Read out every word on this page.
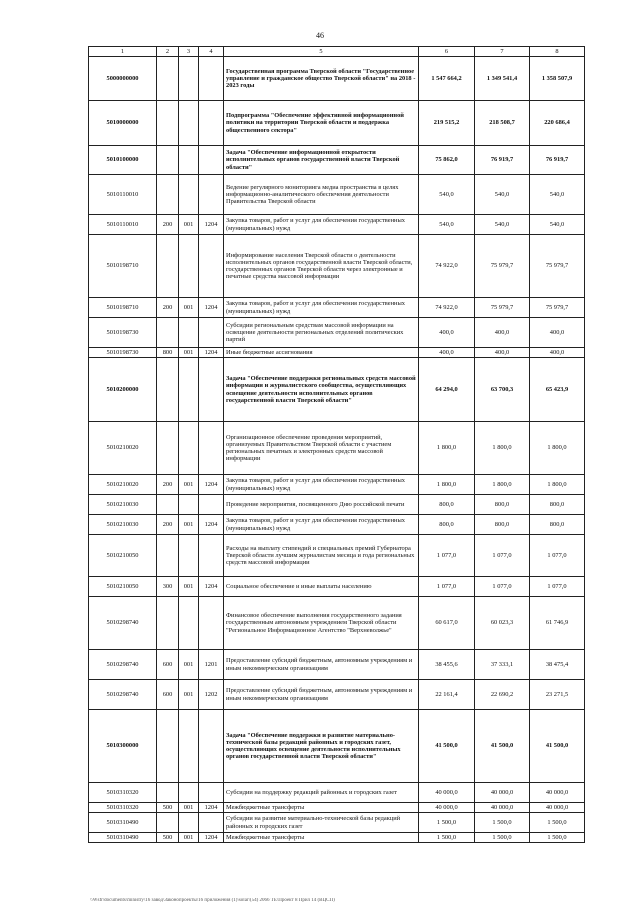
46
1	2	3	4	5	6	7	8
5000000000				Государственная программа Тверской области "Государственное управление и гражданское общество Тверской области" на 2018 - 2023 годы	1 547 664,2	1 349 541,4	1 358 507,9
5010000000				Подпрограмма "Обеспечение эффективной информационной политики на территории Тверской области и поддержка общественного сектора"	219 515,2	218 508,7	220 686,4
5010100000				Задача "Обеспечение информационной открытости исполнительных органов государственной власти Тверской области"	75 862,0	76 919,7	76 919,7
5010110010				Ведение регулярного мониторинга медиа пространства в целях информационно-аналитического обеспечения деятельности Правительства Тверской области	540,0	540,0	540,0
5010110010	200	001	1204	Закупка товаров, работ и услуг для обеспечения государственных (муниципальных) нужд	540,0	540,0	540,0
5010198710				Информирование населения Тверской области о деятельности исполнительных органов государственной власти Тверской области, государственных органов Тверской области через электронные и печатные средства массовой информации	74 922,0	75 979,7	75 979,7
5010198710	200	001	1204	Закупка товаров, работ и услуг для обеспечения государственных (муниципальных) нужд	74 922,0	75 979,7	75 979,7
5010198730				Субсидии региональным средствам массовой информации на освещение деятельности региональных отделений политических партий	400,0	400,0	400,0
5010198730	800	001	1204	Иные бюджетные ассигнования	400,0	400,0	400,0
5010200000				Задача "Обеспечение поддержки региональных средств массовой информации и журналистского сообщества, осуществляющих освещение деятельности исполнительных органов государственной власти Тверской области"	64 294,0	63 700,3	65 423,9
5010210020				Организационное обеспечение проведения мероприятий, организуемых Правительством Тверской области с участием региональных печатных и электронных средств массовой информации	1 800,0	1 800,0	1 800,0
5010210020	200	001	1204	Закупка товаров, работ и услуг для обеспечения государственных (муниципальных) нужд	1 800,0	1 800,0	1 800,0
5010210030				Проведение мероприятия, посвященного Дню российской печати	800,0	800,0	800,0
5010210030	200	001	1204	Закупка товаров, работ и услуг для обеспечения государственных (муниципальных) нужд	800,0	800,0	800,0
5010210050				Расходы на выплату стипендий и специальных премий Губернатора Тверской области лучшим журналистам месяца и года региональных средств массовой информации	1 077,0	1 077,0	1 077,0
5010210050	300	001	1204	Социальное обеспечение и иные выплаты населению	1 077,0	1 077,0	1 077,0
5010298740				Финансовое обеспечение выполнения государственного задания государственным автономным учреждением Тверской области "Региональное Информационное Агентство "Верхневолжье"	60 617,0	60 023,3	61 746,9
5010298740	600	001	1201	Предоставление субсидий бюджетным, автономным учреждениям и иным некоммерческим организациям	38 455,6	37 333,1	38 475,4
5010298740	600	001	1202	Предоставление субсидий бюджетным, автономным учреждениям и иным некоммерческим организациям	22 161,4	22 690,2	23 271,5
5010300000				Задача "Обеспечение поддержки и развитие материально-технической базы редакций районных и городских газет, осуществляющих освещение деятельности исполнительных органов государственной власти Тверской области"	41 500,0	41 500,0	41 500,0
5010310320				Субсидии на поддержку редакций районных и городских газет	40 000,0	40 000,0	40 000,0
5010310320	500	001	1204	Межбюджетные трансферты	40 000,0	40 000,0	40 000,0
5010310490				Субсидии на развитие материально-технической базы редакций районных и городских газет	1 500,0	1 500,0	1 500,0
5010310490	500	001	1204	Межбюджетные трансферты	1 500,0	1 500,0	1 500,0
\\Wsfr\documents\ministry\16 завод\Законопроекты\16 приложения (1)\solar\(54) 2066 ТЕ\Проект 8 Прил 14 (ВЦСП)
